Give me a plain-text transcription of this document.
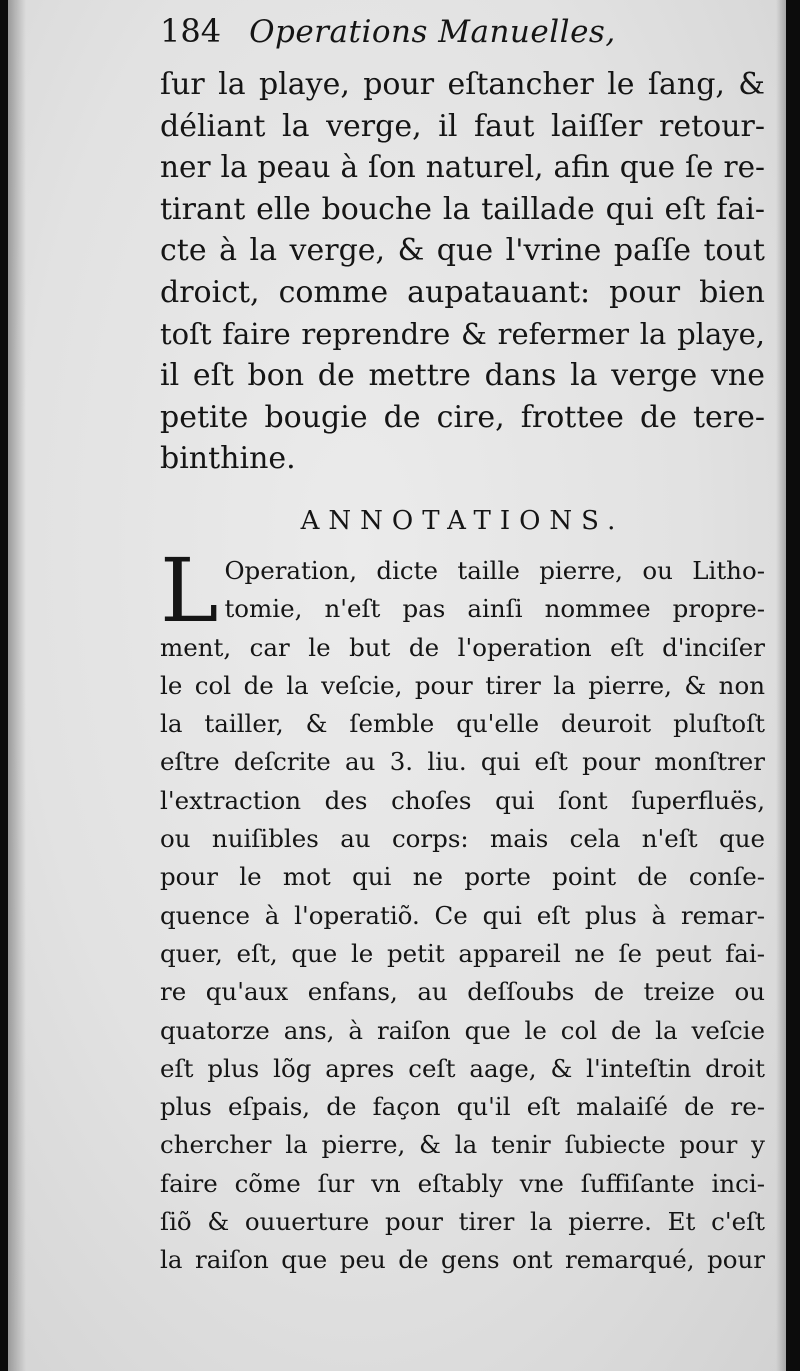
184 Operations Manuelles,
ſur la playe, pour eſtancher le ſang, &
déliant la verge, il faut laiſſer retour-
ner la peau à ſon naturel, afin que ſe re-
tirant elle bouche la taillade qui eſt fai-
cte à la verge, & que l'vrine paſſe tout
droict, comme aupatauant: pour bien
toſt faire reprendre & refermer la playe,
il eſt bon de mettre dans la verge vne
petite bougie de cire, frottee de tere-
binthine.
ANNOTATIONS.
L Operation, dicte taille pierre, ou Litho-
tomie, n'eſt pas ainſi nommee propre-
ment, car le but de l'operation eſt d'inciſer
le col de la veſcie, pour tirer la pierre, & non
la tailler, & ſemble qu'elle deuroit pluſtoſt
eſtre deſcrite au 3. liu. qui eſt pour monſtrer
l'extraction des choſes qui ſont ſuperfluës,
ou nuiſibles au corps: mais cela n'eſt que
pour le mot qui ne porte point de conſe-
quence à l'operatiõ. Ce qui eſt plus à remar-
quer, eſt, que le petit appareil ne ſe peut fai-
re qu'aux enfans, au deſſoubs de treize ou
quatorze ans, à raiſon que le col de la veſcie
eſt plus lõg apres ceſt aage, & l'inteſtin droit
plus eſpais, de façon qu'il eſt malaiſé de re-
chercher la pierre, & la tenir ſubiecte pour y
faire cõme ſur vn eſtably vne ſuffiſante inci-
ſiõ & ouuerture pour tirer la pierre. Et c'eſt
la raiſon que peu de gens ont remarqué, pour
